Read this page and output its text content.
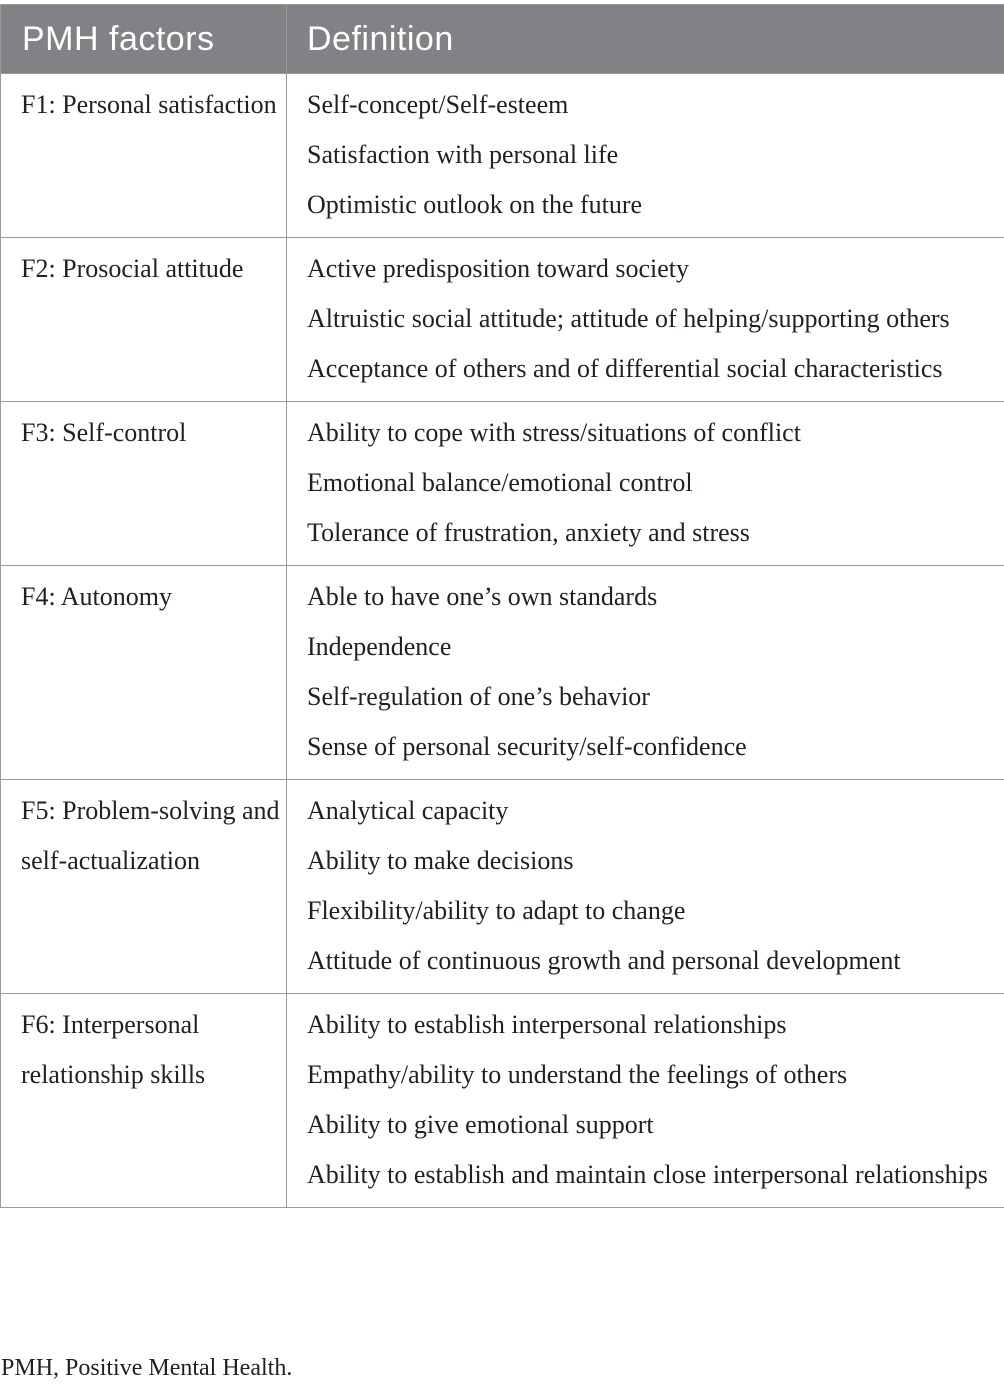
PMH factors	Definition
F1: Personal satisfaction	Self-concept/Self-esteem
Satisfaction with personal life
Optimistic outlook on the future

F2: Prosocial attitude	Active predisposition toward society
Altruistic social attitude; attitude of helping/supporting others
Acceptance of others and of differential social characteristics

F3: Self-control	Ability to cope with stress/situations of conflict
Emotional balance/emotional control
Tolerance of frustration, anxiety and stress

F4: Autonomy	Able to have one’s own standards
Independence
Self-regulation of one’s behavior
Sense of personal security/self-confidence

F5: Problem-solving and self-actualization	Analytical capacity
Ability to make decisions
Flexibility/ability to adapt to change
Attitude of continuous growth and personal development

F6: Interpersonal relationship skills	Ability to establish interpersonal relationships
Empathy/ability to understand the feelings of others
Ability to give emotional support
Ability to establish and maintain close interpersonal relationships

PMH, Positive Mental Health.
